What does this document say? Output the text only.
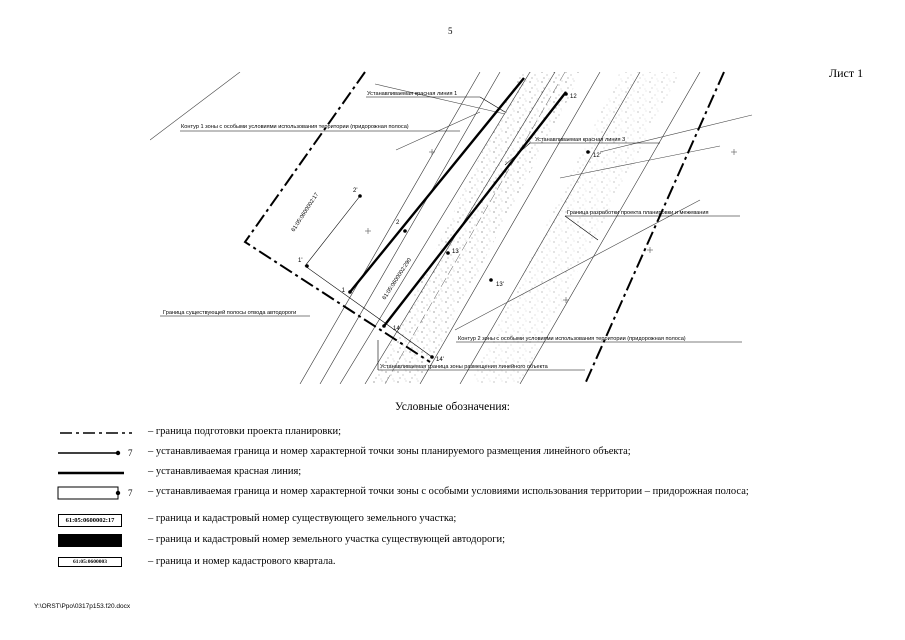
5
Лист 1
1
2
1'
2'
12
12'
13
13'
14
14'
Устанавливаемая красная линия 1
Контур 1 зоны с особыми условиями использования территории (придорожная полоса)
Устанавливаемая красная линия 3
Граница разработки проекта планировки и межевания
Граница существующей полосы отвода автодороги
Контур 2 зоны с особыми условиями использования территории (придорожная полоса)
Устанавливаемая граница зоны размещения линейного объекта
61:05:0600002:17
61:05:0600002:290
Условные обозначения:
– граница подготовки проекта планировки;
7 – устанавливаемая граница и номер характерной точки зоны планируемого размещения линейного объекта;
– устанавливаемая красная линия;
7 – устанавливаемая граница и номер характерной точки зоны с особыми условиями использования территории – придорожная полоса;
61:05:0600002:17	– граница и кадастровый номер существующего земельного участка;
– граница и кадастровый номер земельного участка существующей автодороги;
61:05:0600003	– граница и номер кадастрового квартала.
Y:\ORST\Ppo\0317p153.f20.docx
